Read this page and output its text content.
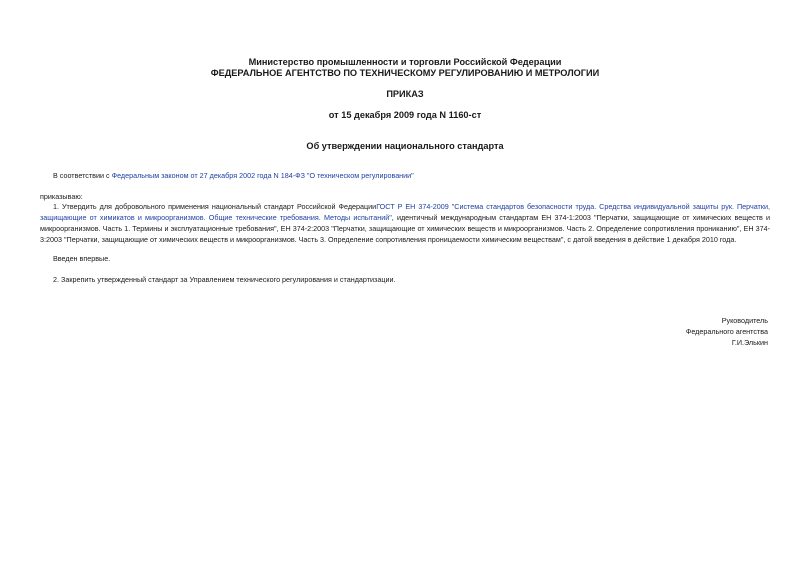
Министерство промышленности и торговли Российской Федерации
ФЕДЕРАЛЬНОЕ АГЕНТСТВО ПО ТЕХНИЧЕСКОМУ РЕГУЛИРОВАНИЮ И МЕТРОЛОГИИ
ПРИКАЗ
от 15 декабря 2009 года N 1160-ст
Об утверждении национального стандарта
В соответствии с Федеральным законом от 27 декабря 2002 года N 184-ФЗ "О техническом регулировании"
приказываю:
1. Утвердить для добровольного применения национальный стандарт Российской ФедерацииГОСТ Р ЕН 374-2009 "Система стандартов безопасности труда. Средства индивидуальной защиты рук. Перчатки,
защищающие от химикатов и микроорганизмов. Общие технические требования. Методы испытаний", идентичный международным стандартам ЕН 374-1:2003 "Перчатки, защищающие от химических веществ и
микроорганизмов. Часть 1. Термины и эксплуатационные требования", ЕН 374-2:2003 "Перчатки, защищающие от химических веществ и микроорганизмов. Часть 2. Определение сопротивления прониканию", ЕН 374-
3:2003 "Перчатки, защищающие от химических веществ и микроорганизмов. Часть 3. Определение сопротивления проницаемости химическим веществам", с датой введения в действие 1 декабря 2010 года.
Введен впервые.
2. Закрепить утвержденный стандарт за Управлением технического регулирования и стандартизации.
Руководитель
Федерального агентства
Г.И.Элькин
